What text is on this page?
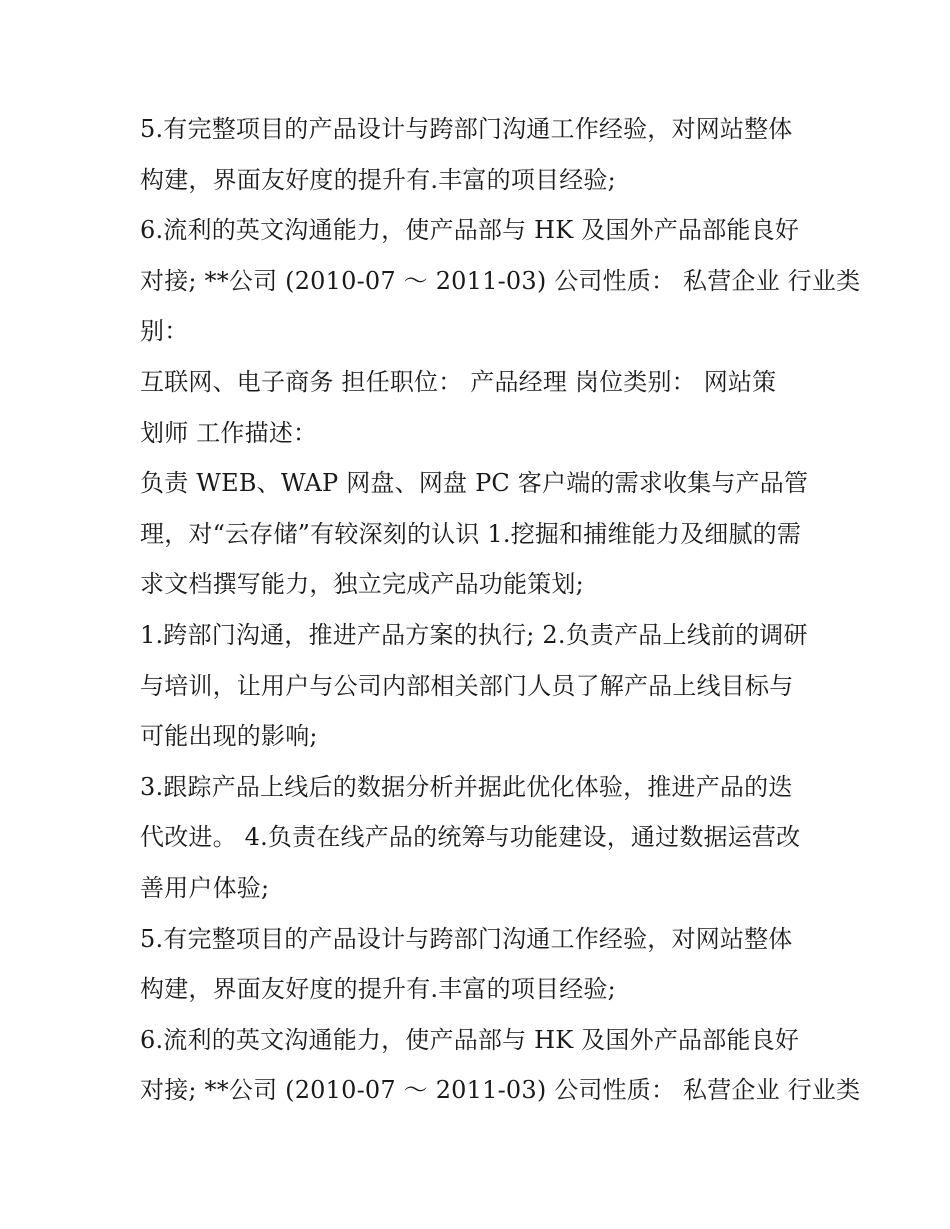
5.有完整项目的产品设计与跨部门沟通工作经验，对网站整体
构建，界面友好度的提升有.丰富的项目经验;
6.流利的英文沟通能力，使产品部与 HK 及国外产品部能良好
对接; **公司 (2010-07 ～ 2011-03) 公司性质： 私营企业 行业类
别：
互联网、电子商务 担任职位： 产品经理 岗位类别： 网站策
划师 工作描述：
负责 WEB、WAP 网盘、网盘 PC 客户端的需求收集与产品管
理，对“云存储”有较深刻的认识 1.挖掘和捕维能力及细腻的需
求文档撰写能力，独立完成产品功能策划;
1.跨部门沟通，推进产品方案的执行; 2.负责产品上线前的调研
与培训，让用户与公司内部相关部门人员了解产品上线目标与
可能出现的影响;
3.跟踪产品上线后的数据分析并据此优化体验，推进产品的迭
代改进。 4.负责在线产品的统筹与功能建设，通过数据运营改
善用户体验;
5.有完整项目的产品设计与跨部门沟通工作经验，对网站整体
构建，界面友好度的提升有.丰富的项目经验;
6.流利的英文沟通能力，使产品部与 HK 及国外产品部能良好
对接; **公司 (2010-07 ～ 2011-03) 公司性质： 私营企业 行业类
